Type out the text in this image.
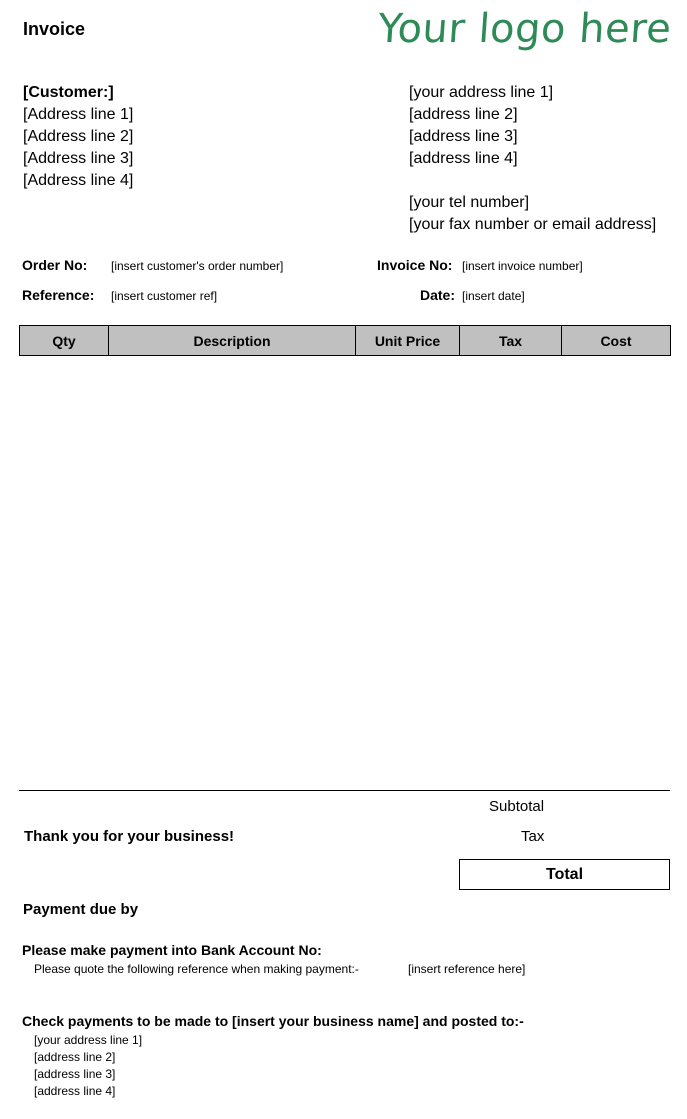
Invoice	Your logo here
[Customer:]
[Address line 1]
[Address line 2]
[Address line 3]
[Address line 4]
[your address line 1]
[address line 2]
[address line 3]
[address line 4]
[your tel number]
[your fax number or email address]
Order No: [insert customer's order number]
Reference: [insert customer ref]
Invoice No: [insert invoice number]
Date: [insert date]
Qty	Description	Unit Price	Tax	Cost
Subtotal
Tax
Total
Thank you for your business!
Payment due by
Please make payment into Bank Account No:
Please quote the following reference when making payment:-	[insert reference here]
Check payments to be made to [insert your business name] and posted to:-
[your address line 1]
[address line 2]
[address line 3]
[address line 4]
